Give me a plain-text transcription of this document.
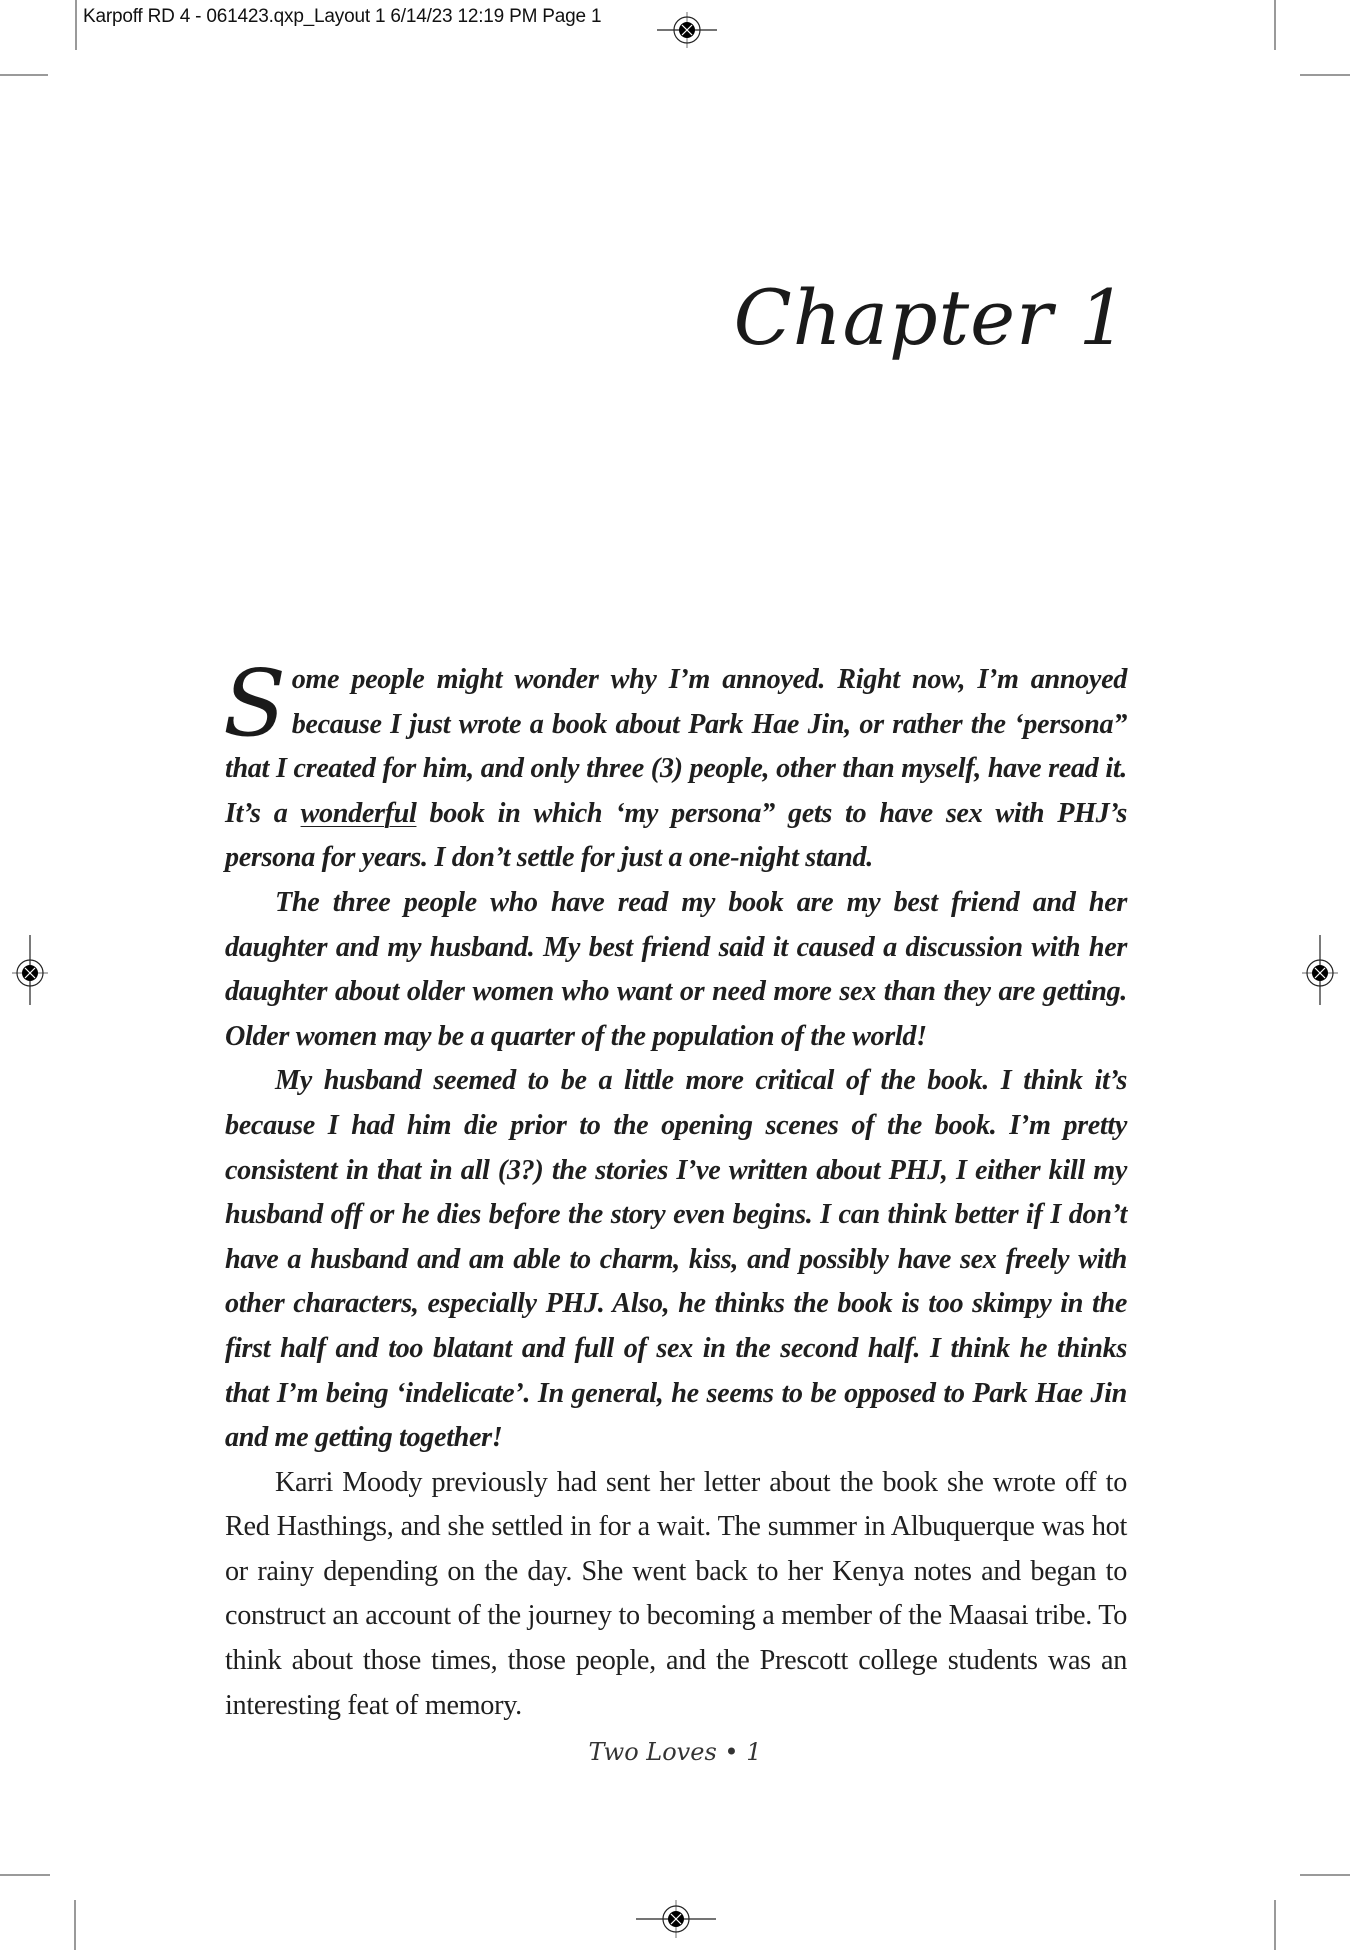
Karpoff RD 4 - 061423.qxp_Layout 1 6/14/23 12:19 PM Page 1
Chapter 1

Some people might wonder why I’m annoyed. Right now, I’m annoyed because I just wrote a book about Park Hae Jin, or rather the ‘persona” that I created for him, and only three (3) people, other than myself, have read it. It’s a wonderful book in which ‘my persona” gets to have sex with PHJ’s persona for years. I don’t settle for just a one-night stand.

The three people who have read my book are my best friend and her daughter and my husband. My best friend said it caused a discussion with her daughter about older women who want or need more sex than they are getting. Older women may be a quarter of the population of the world!

My husband seemed to be a little more critical of the book. I think it’s because I had him die prior to the opening scenes of the book. I’m pretty consistent in that in all (3?) the stories I’ve written about PHJ, I either kill my husband off or he dies before the story even begins. I can think better if I don’t have a husband and am able to charm, kiss, and possibly have sex freely with other characters, especially PHJ. Also, he thinks the book is too skimpy in the first half and too blatant and full of sex in the second half. I think he thinks that I’m being ‘indelicate’. In general, he seems to be opposed to Park Hae Jin and me getting together!

Karri Moody previously had sent her letter about the book she wrote off to Red Hasthings, and she settled in for a wait. The summer in Albuquerque was hot or rainy depending on the day. She went back to her Kenya notes and began to construct an account of the journey to becoming a member of the Maasai tribe. To think about those times, those people, and the Prescott college students was an interesting feat of memory.

Two Loves • 1
